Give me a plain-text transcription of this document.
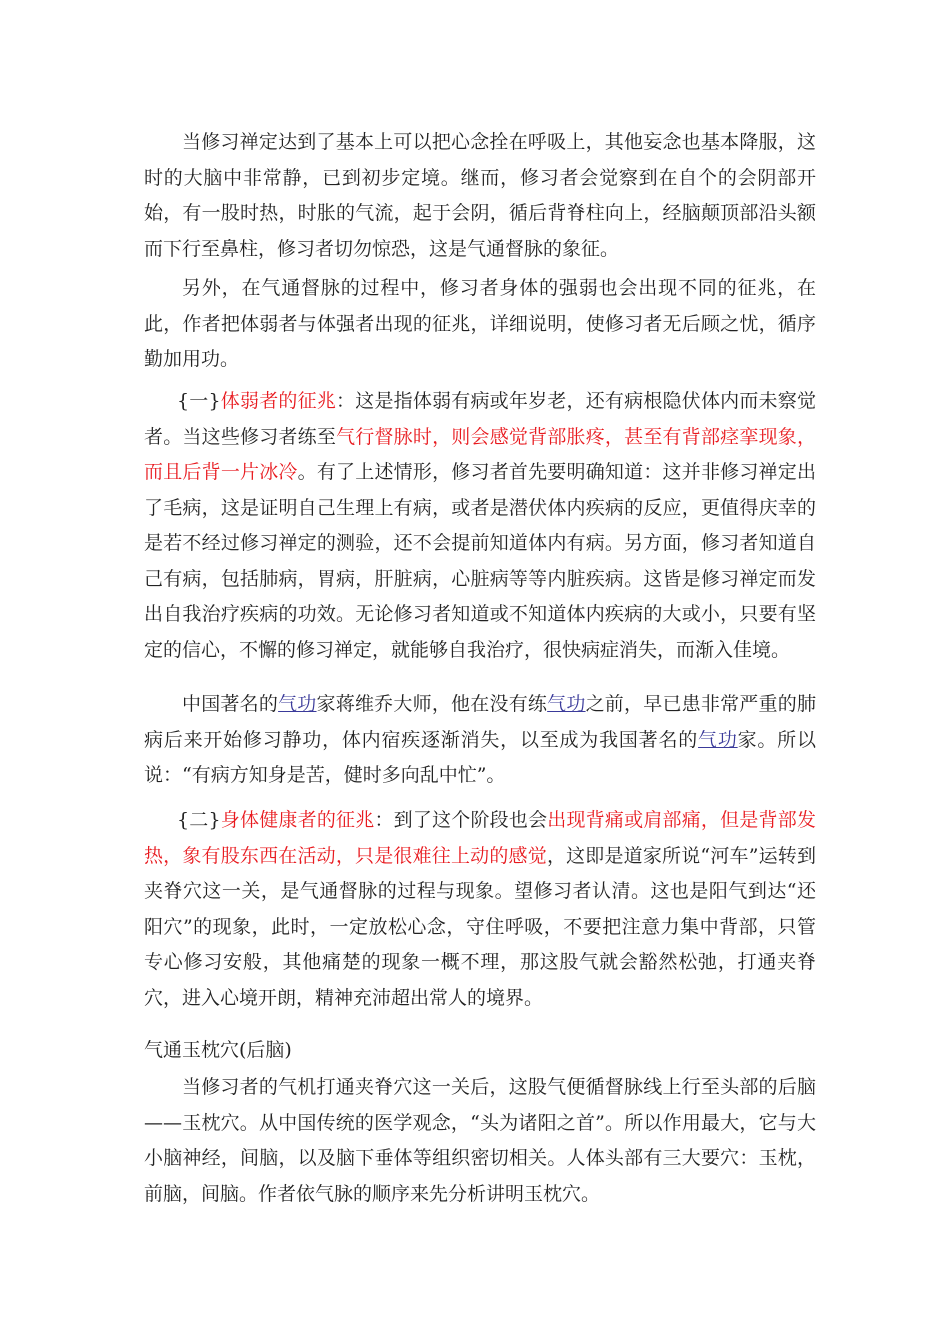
当修习禅定达到了基本上可以把心念拴在呼吸上，其他妄念也基本降服，这时的大脑中非常静，已到初步定境。继而，修习者会觉察到在自个的会阴部开始，有一股时热，时胀的气流，起于会阴，循后背脊柱向上，经脑颠顶部沿头额而下行至鼻柱，修习者切勿惊恐，这是气通督脉的象征。

另外，在气通督脉的过程中，修习者身体的强弱也会出现不同的征兆，在此，作者把体弱者与体强者出现的征兆，详细说明，使修习者无后顾之忧，循序勤加用功。

{一}体弱者的征兆：这是指体弱有病或年岁老，还有病根隐伏体内而未察觉者。当这些修习者练至气行督脉时，则会感觉背部胀疼，甚至有背部痉挛现象，而且后背一片冰冷。有了上述情形，修习者首先要明确知道：这并非修习禅定出了毛病，这是证明自己生理上有病，或者是潜伏体内疾病的反应，更值得庆幸的是若不经过修习禅定的测验，还不会提前知道体内有病。另方面，修习者知道自己有病，包括肺病，胃病，肝脏病，心脏病等等内脏疾病。这皆是修习禅定而发出自我治疗疾病的功效。无论修习者知道或不知道体内疾病的大或小，只要有坚定的信心，不懈的修习禅定，就能够自我治疗，很快病症消失，而渐入佳境。

中国著名的气功家蒋维乔大师，他在没有练气功之前，早已患非常严重的肺病后来开始修习静功，体内宿疾逐渐消失，以至成为我国著名的气功家。所以说：“有病方知身是苦，健时多向乱中忙”。

{二}身体健康者的征兆：到了这个阶段也会出现背痛或肩部痛，但是背部发热，象有股东西在活动，只是很难往上动的感觉，这即是道家所说“河车”运转到夹脊穴这一关，是气通督脉的过程与现象。望修习者认清。这也是阳气到达“还阳穴”的现象，此时，一定放松心念，守住呼吸，不要把注意力集中背部，只管专心修习安般，其他痛楚的现象一概不理，那这股气就会豁然松弛，打通夹脊穴，进入心境开朗，精神充沛超出常人的境界。

气通玉枕穴(后脑)

当修习者的气机打通夹脊穴这一关后，这股气便循督脉线上行至头部的后脑——玉枕穴。从中国传统的医学观念，“头为诸阳之首”。所以作用最大，它与大小脑神经，间脑，以及脑下垂体等组织密切相关。人体头部有三大要穴：玉枕，前脑，间脑。作者依气脉的顺序来先分析讲明玉枕穴。
